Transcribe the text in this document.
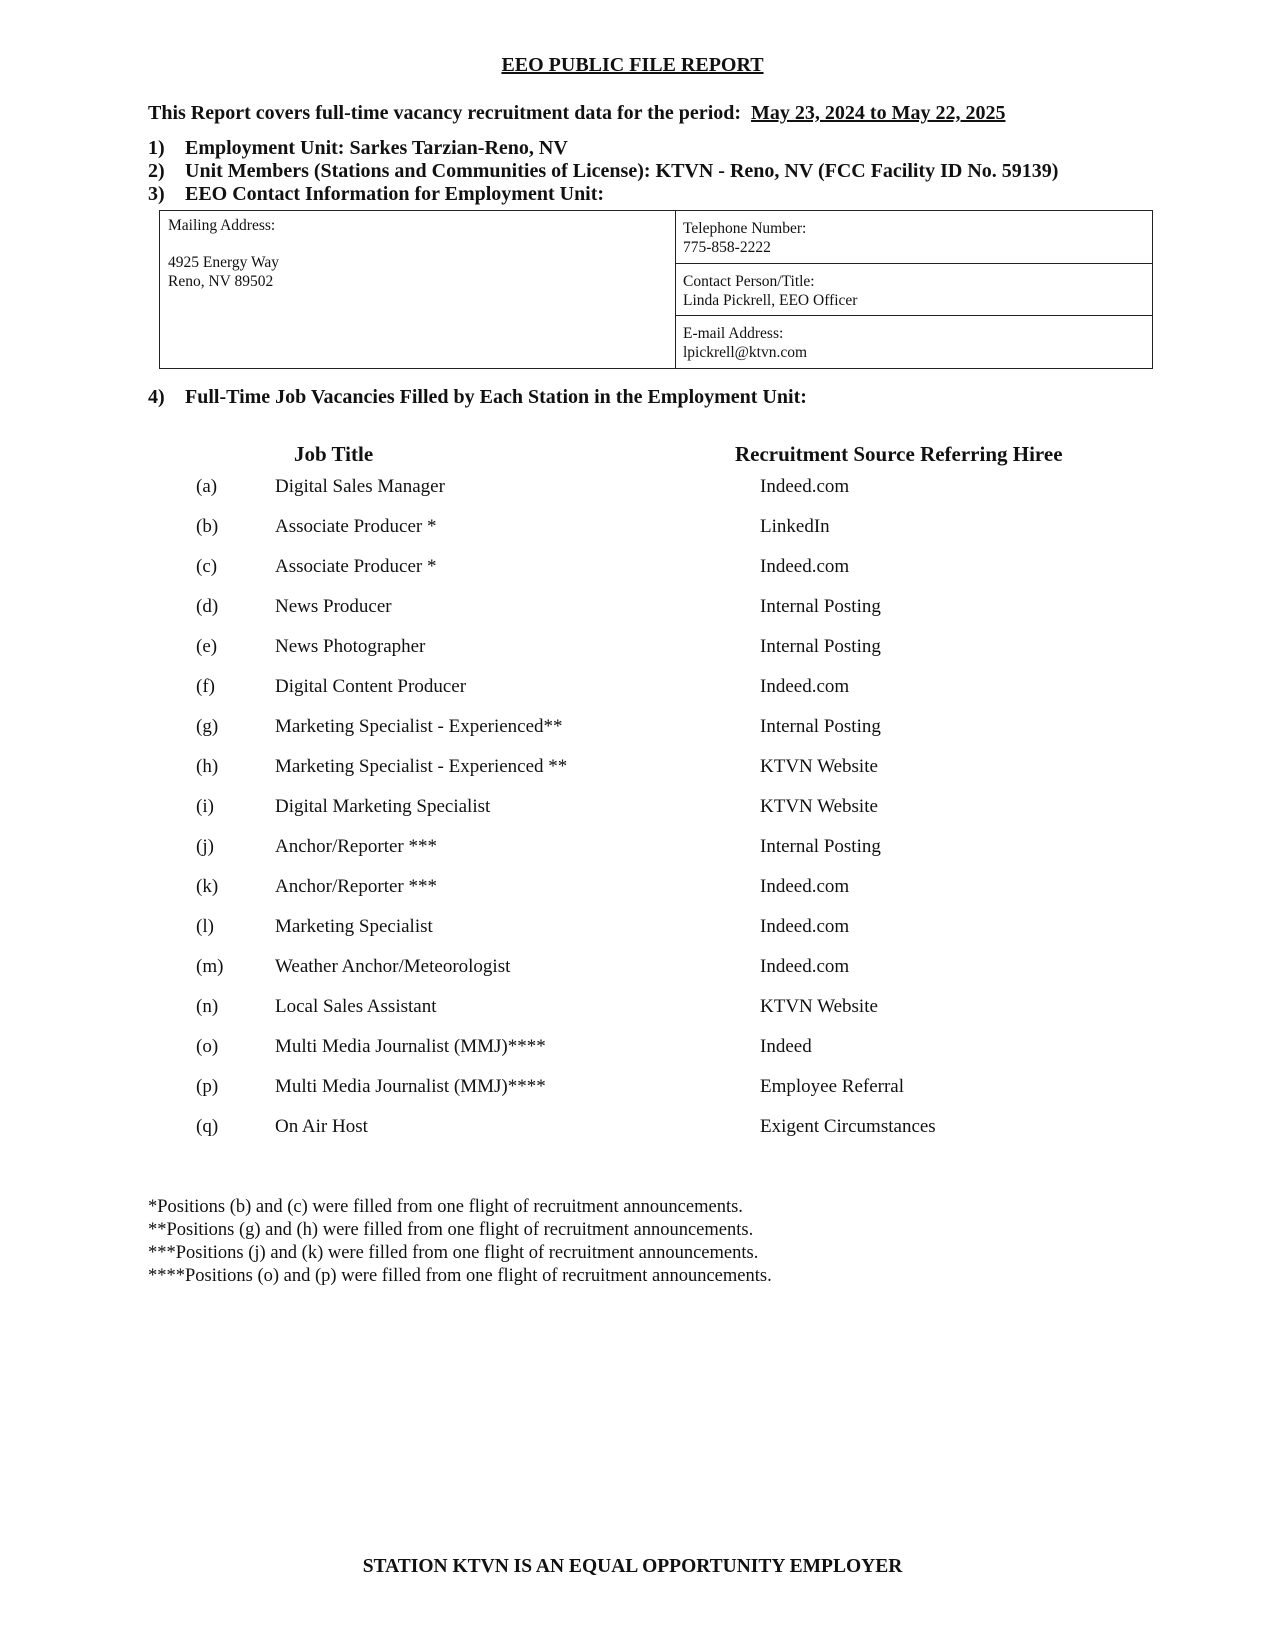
EEO PUBLIC FILE REPORT
This Report covers full-time vacancy recruitment data for the period: May 23, 2024 to May 22, 2025
1)	Employment Unit: Sarkes Tarzian-Reno, NV
2)	Unit Members (Stations and Communities of License): KTVN - Reno, NV (FCC Facility ID No. 59139)
3)	EEO Contact Information for Employment Unit:
Mailing Address:
4925 Energy Way
Reno, NV 89502
Telephone Number:
775-858-2222
Contact Person/Title:
Linda Pickrell, EEO Officer
E-mail Address:
lpickrell@ktvn.com
4)	Full-Time Job Vacancies Filled by Each Station in the Employment Unit:
Job Title	Recruitment Source Referring Hiree
(a)	Digital Sales Manager	Indeed.com
(b)	Associate Producer *	LinkedIn
(c)	Associate Producer *	Indeed.com
(d)	News Producer	Internal Posting
(e)	News Photographer	Internal Posting
(f)	Digital Content Producer	Indeed.com
(g)	Marketing Specialist - Experienced**	Internal Posting
(h)	Marketing Specialist - Experienced **	KTVN Website
(i)	Digital Marketing Specialist	KTVN Website
(j)	Anchor/Reporter ***	Internal Posting
(k)	Anchor/Reporter ***	Indeed.com
(l)	Marketing Specialist	Indeed.com
(m)	Weather Anchor/Meteorologist	Indeed.com
(n)	Local Sales Assistant	KTVN Website
(o)	Multi Media Journalist (MMJ)****	Indeed
(p)	Multi Media Journalist (MMJ)****	Employee Referral
(q)	On Air Host	Exigent Circumstances
*Positions (b) and (c) were filled from one flight of recruitment announcements.
**Positions (g) and (h) were filled from one flight of recruitment announcements.
***Positions (j) and (k) were filled from one flight of recruitment announcements.
****Positions (o) and (p) were filled from one flight of recruitment announcements.
STATION KTVN IS AN EQUAL OPPORTUNITY EMPLOYER
